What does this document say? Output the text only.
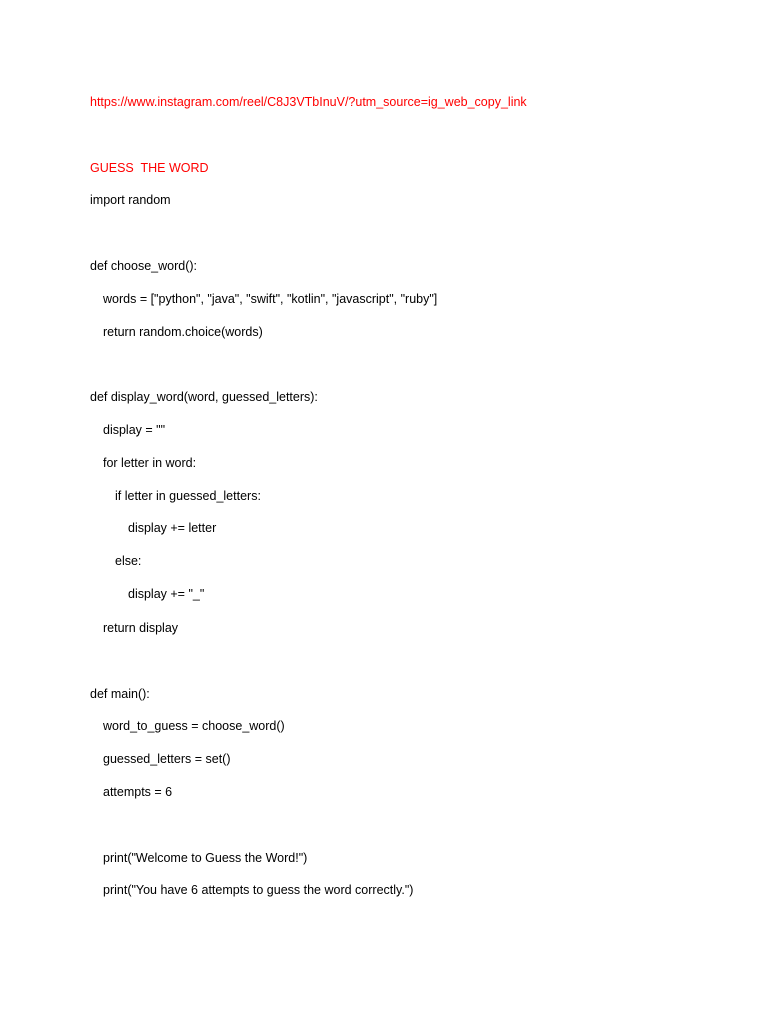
https://www.instagram.com/reel/C8J3VTbInuV/?utm_source=ig_web_copy_link

GUESS  THE WORD

import random

def choose_word():

words = ["python", "java", "swift", "kotlin", "javascript", "ruby"]

return random.choice(words)

def display_word(word, guessed_letters):

display = ""

for letter in word:

if letter in guessed_letters:

display += letter

else:

display += "_"

return display

def main():

word_to_guess = choose_word()

guessed_letters = set()

attempts = 6

print("Welcome to Guess the Word!")

print("You have 6 attempts to guess the word correctly.")
